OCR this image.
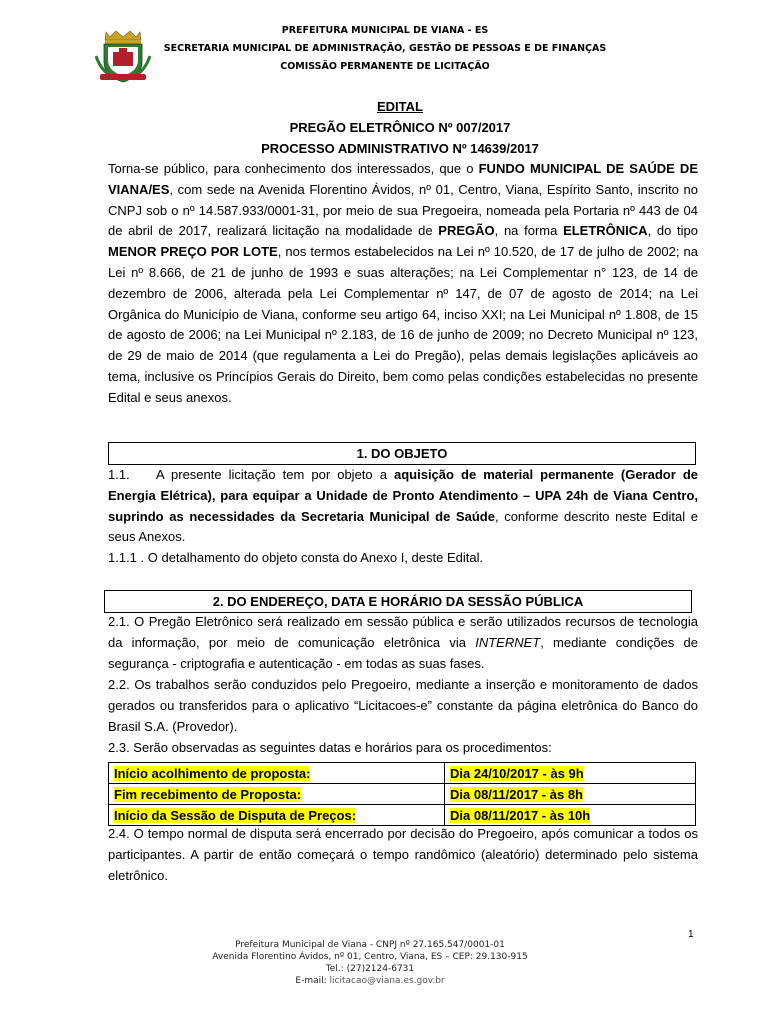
PREFEITURA MUNICIPAL DE VIANA - ES
SECRETARIA MUNICIPAL DE ADMINISTRAÇÃO, GESTÃO DE PESSOAS E DE FINANÇAS
COMISSÃO PERMANENTE DE LICITAÇÃO
EDITAL
PREGÃO ELETRÔNICO Nº 007/2017
PROCESSO ADMINISTRATIVO Nº 14639/2017

Torna-se público, para conhecimento dos interessados, que o FUNDO MUNICIPAL DE SAÚDE DE VIANA/ES, com sede na Avenida Florentino Ávidos, nº 01, Centro, Viana, Espírito Santo, inscrito no CNPJ sob o nº 14.587.933/0001-31, por meio de sua Pregoeira, nomeada pela Portaria nº 443 de 04 de abril de 2017, realizará licitação na modalidade de PREGÃO, na forma ELETRÔNICA, do tipo MENOR PREÇO POR LOTE, nos termos estabelecidos na Lei nº 10.520, de 17 de julho de 2002; na Lei nº 8.666, de 21 de junho de 1993 e suas alterações; na Lei Complementar n° 123, de 14 de dezembro de 2006, alterada pela Lei Complementar nº 147, de 07 de agosto de 2014; na Lei Orgânica do Município de Viana, conforme seu artigo 64, inciso XXI; na Lei Municipal nº 1.808, de 15 de agosto de 2006; na Lei Municipal nº 2.183, de 16 de junho de 2009; no Decreto Municipal nº 123, de 29 de maio de 2014 (que regulamenta a Lei do Pregão), pelas demais legislações aplicáveis ao tema, inclusive os Princípios Gerais do Direito, bem como pelas condições estabelecidas no presente Edital e seus anexos.

1. DO OBJETO

1.1. A presente licitação tem por objeto a aquisição de material permanente (Gerador de Energia Elétrica), para equipar a Unidade de Pronto Atendimento – UPA 24h de Viana Centro, suprindo as necessidades da Secretaria Municipal de Saúde, conforme descrito neste Edital e seus Anexos.

1.1.1 . O detalhamento do objeto consta do Anexo I, deste Edital.

2. DO ENDEREÇO, DATA E HORÁRIO DA SESSÃO PÚBLICA

2.1. O Pregão Eletrônico será realizado em sessão pública e serão utilizados recursos de tecnologia da informação, por meio de comunicação eletrônica via INTERNET, mediante condições de segurança - criptografia e autenticação - em todas as suas fases.

2.2. Os trabalhos serão conduzidos pelo Pregoeiro, mediante a inserção e monitoramento de dados gerados ou transferidos para o aplicativo “Licitacoes-e” constante da página eletrônica do Banco do Brasil S.A. (Provedor).

2.3. Serão observadas as seguintes datas e horários para os procedimentos:

Início acolhimento de proposta:	Dia 24/10/2017 - às 9h
Fim recebimento de Proposta:	Dia 08/11/2017 - às 8h
Início da Sessão de Disputa de Preços:	Dia 08/11/2017 - às 10h

2.4. O tempo normal de disputa será encerrado por decisão do Pregoeiro, após comunicar a todos os participantes. A partir de então começará o tempo randômico (aleatório) determinado pelo sistema eletrônico.

1
Prefeitura Municipal de Viana - CNPJ nº 27.165.547/0001-01
Avenida Florentino Ávidos, nº 01, Centro, Viana, ES – CEP: 29.130-915
Tel.: (27)2124-6731
E-mail: licitacao@viana.es.gov.br
